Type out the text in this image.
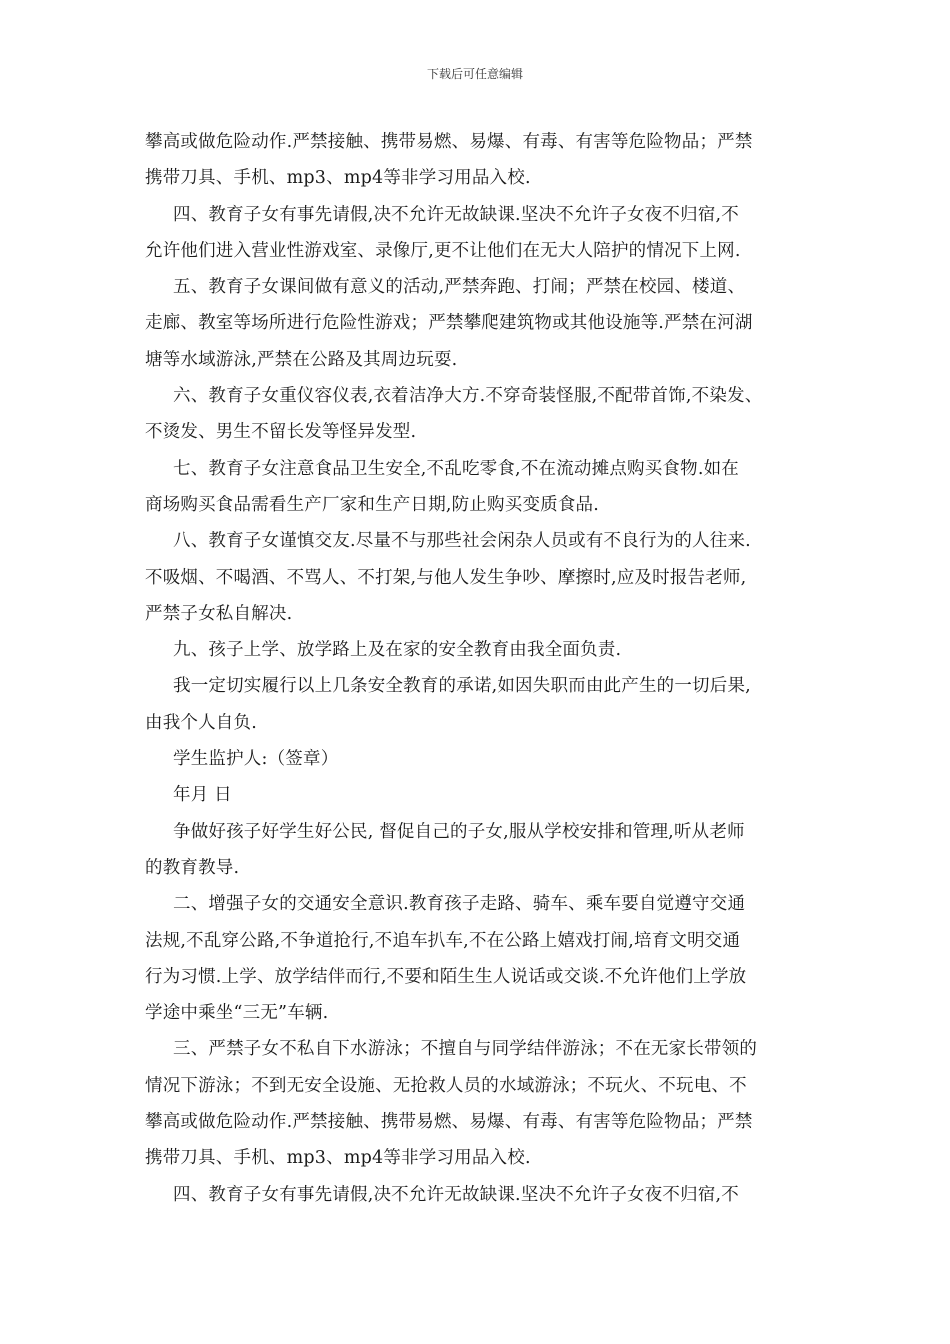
下载后可任意编辑
攀高或做危险动作.严禁接触、携带易燃、易爆、有毒、有害等危险物品；严禁
携带刀具、手机、mp3、mp4等非学习用品入校.
四、教育子女有事先请假,决不允许无故缺课.坚决不允许子女夜不归宿,不
允许他们进入营业性游戏室、录像厅,更不让他们在无大人陪护的情况下上网.
五、教育子女课间做有意义的活动,严禁奔跑、打闹；严禁在校园、楼道、
走廊、教室等场所进行危险性游戏；严禁攀爬建筑物或其他设施等.严禁在河湖
塘等水域游泳,严禁在公路及其周边玩耍.
六、教育子女重仪容仪表,衣着洁净大方.不穿奇装怪服,不配带首饰,不染发、
不烫发、男生不留长发等怪异发型.
七、教育子女注意食品卫生安全,不乱吃零食,不在流动摊点购买食物.如在
商场购买食品需看生产厂家和生产日期,防止购买变质食品.
八、教育子女谨慎交友.尽量不与那些社会闲杂人员或有不良行为的人往来.
不吸烟、不喝酒、不骂人、不打架,与他人发生争吵、摩擦时,应及时报告老师,
严禁子女私自解决.
九、孩子上学、放学路上及在家的安全教育由我全面负责.
我一定切实履行以上几条安全教育的承诺,如因失职而由此产生的一切后果,
由我个人自负.
学生监护人:（签章）
年月 日
争做好孩子好学生好公民, 督促自己的子女,服从学校安排和管理,听从老师
的教育教导.
二、增强子女的交通安全意识.教育孩子走路、骑车、乘车要自觉遵守交通
法规,不乱穿公路,不争道抢行,不追车扒车,不在公路上嬉戏打闹,培育文明交通
行为习惯.上学、放学结伴而行,不要和陌生生人说话或交谈.不允许他们上学放
学途中乘坐“三无”车辆.
三、严禁子女不私自下水游泳；不擅自与同学结伴游泳；不在无家长带领的
情况下游泳；不到无安全设施、无抢救人员的水域游泳；不玩火、不玩电、不
攀高或做危险动作.严禁接触、携带易燃、易爆、有毒、有害等危险物品；严禁
携带刀具、手机、mp3、mp4等非学习用品入校.
四、教育子女有事先请假,决不允许无故缺课.坚决不允许子女夜不归宿,不
